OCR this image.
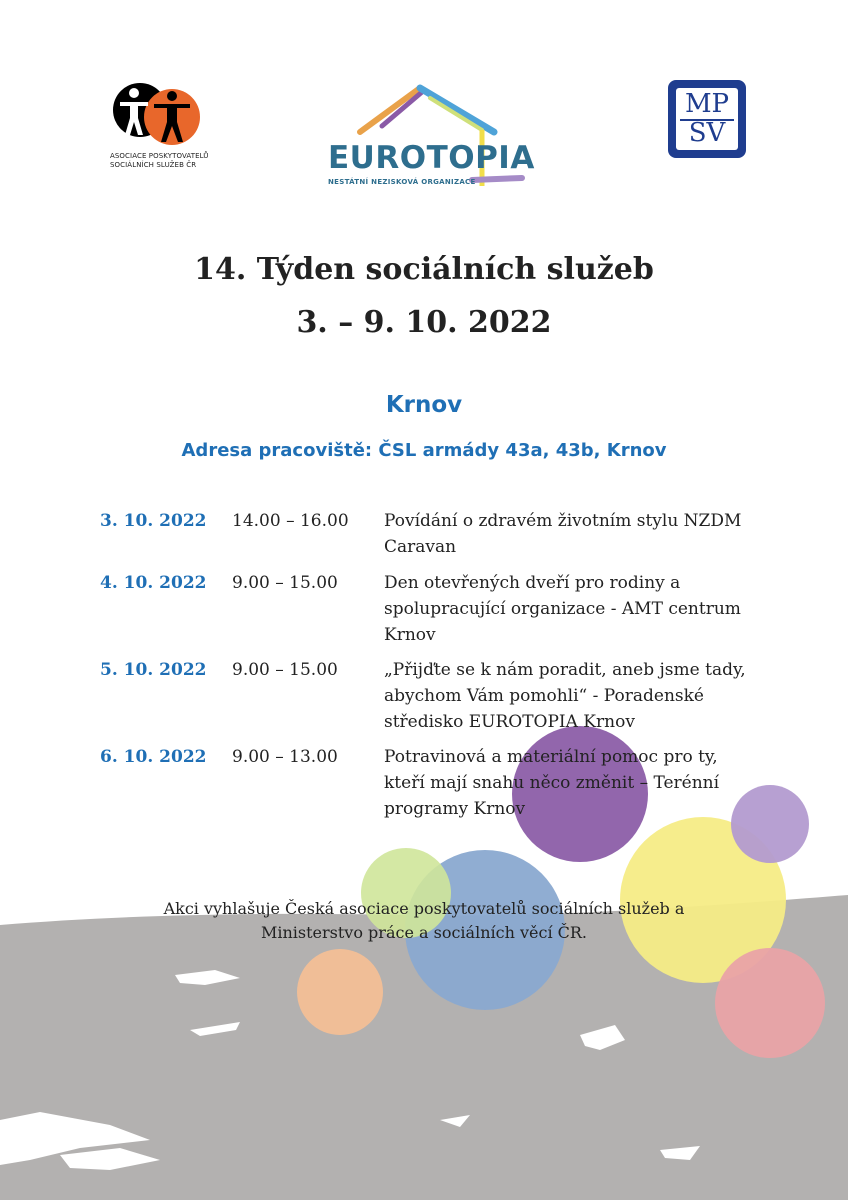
ASOCIACE POSKYTOVATELŮ
SOCIÁLNÍCH SLUŽEB ČR	EUROTOPIA
NESTÁTNÍ NEZISKOVÁ ORGANIZACE
MP
SV
14. Týden sociálních služeb
3. – 9. 10. 2022
Krnov
Adresa pracoviště: ČSL armády 43a, 43b, Krnov
3. 10. 2022 14.00 – 16.00 Povídání o zdravém životním stylu NZDM Caravan
4. 10. 2022 9.00 – 15.00	Den otevřených dveří pro rodiny a spolupracující organizace - AMT centrum Krnov
5. 10. 2022 9.00 – 15.00	„Přijďte se k nám poradit, aneb jsme tady, abychom Vám pomohli“ - Poradenské středisko EUROTOPIA Krnov
6. 10. 2022 9.00 – 13.00	Potravinová a materiální pomoc pro ty, kteří mají snahu něco změnit – Terénní programy Krnov
Akci vyhlašuje Česká asociace poskytovatelů sociálních služeb a
Ministerstvo práce a sociálních věcí ČR.
